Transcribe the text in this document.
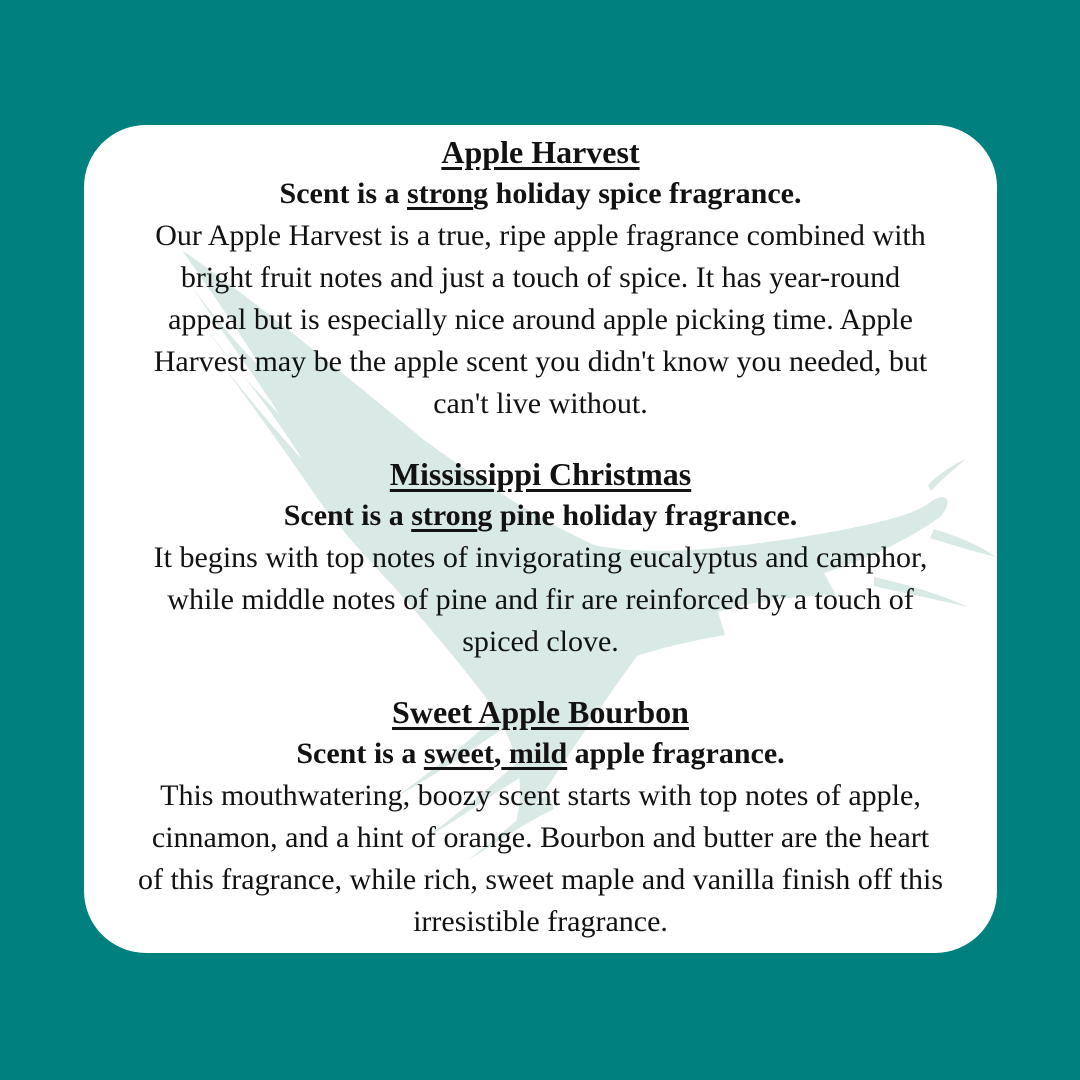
Apple Harvest
Scent is a strong holiday spice fragrance.
Our Apple Harvest is a true, ripe apple fragrance combined with
bright fruit notes and just a touch of spice. It has year-round
appeal but is especially nice around apple picking time. Apple
Harvest may be the apple scent you didn't know you needed, but
can't live without.
Mississippi Christmas
Scent is a strong pine holiday fragrance.
It begins with top notes of invigorating eucalyptus and camphor,
while middle notes of pine and fir are reinforced by a touch of
spiced clove.
Sweet Apple Bourbon
Scent is a sweet, mild apple fragrance.
This mouthwatering, boozy scent starts with top notes of apple,
cinnamon, and a hint of orange. Bourbon and butter are the heart
of this fragrance, while rich, sweet maple and vanilla finish off this
irresistible fragrance.
